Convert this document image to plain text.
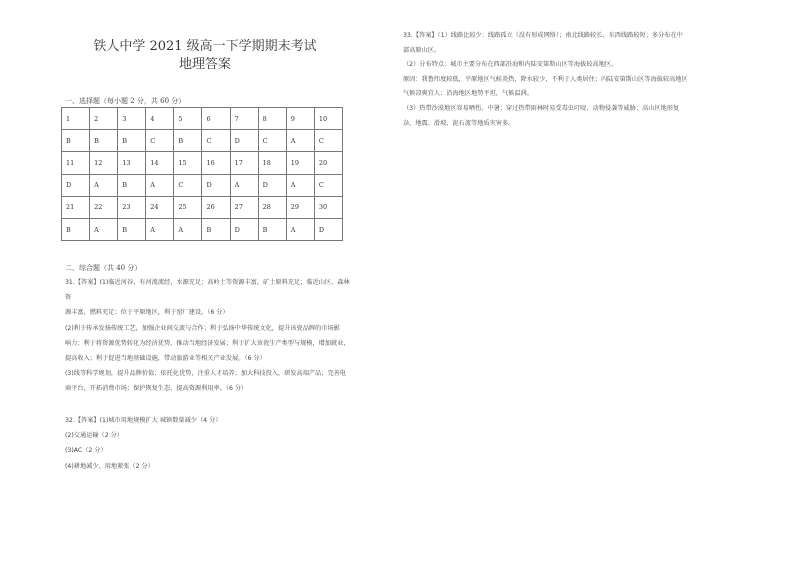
铁人中学 2021 级高一下学期期末考试
地理答案
一、选择题（每小题 2 分，共 60 分）
1	2	3	4	5	6	7	8	9	10
B	B	B	C	B	C	D	C	A	C
11	12	13	14	15	16	17	18	19	20
D	A	B	A	C	D	A	D	A	C
21	22	23	24	25	26	27	28	29	30
B	A	B	A	A	B	D	B	A	D
二、综合题（共 40 分）
31.【答案】(1)临近河谷，有河流流经，水源充足；高岭土等资源丰富，矿土原料充足；临近山区，森林资
源丰富，燃料充足；位于平原地区，利于窑厂建设。（6 分）
(2)利于传承发扬传统工艺，加强企业间交流与合作；利于弘扬中华传统文化，提升该瓷品牌的市场影
响力；利于将资源优势转化为经济优势，推动当地经济发展；利于扩大该瓷生产类型与规模，增加就业，
提高收入；利于促进当地基础设施，带动旅游业等相关产业发展。（6 分）
(3)线等科学规划，提升品牌价值；依托化优势，注重人才培养；加大科技投入，研发高端产品；完善电
商平台，开拓消费市场；保护恢复生态，提高资源利用率。（6 分）
32.【答案】(1)城市用地规模扩大 城镇数量减少（4 分）
(2)交通运输（2 分）
(3)AC（2 分）
(4)耕地减少、用地紧张（2 分）
33.【答案】（1）线路比较少：线路孤立（没有形成网络）；南北线路较长、东西线路较短；多分布在中
部高原山区。
（2）分布特点：城市主要分布在西部沿海和内陆安第斯山区等海拔较高地区。
原因：我鲁纬度较低，平原地区气候炎热，降水较少，不利于人类居住；内陆安第斯山区等海拔较高地区
气候凉爽宜人；沿海地区地势平坦，气候温润。
（3）热带沙漠地区容易晒伤、中暑；穿过热带雨林时易受毒虫叮咬、动物侵袭等威胁；高山区地形复
杂，地震、滑坡、泥石流等地质灾害多。
